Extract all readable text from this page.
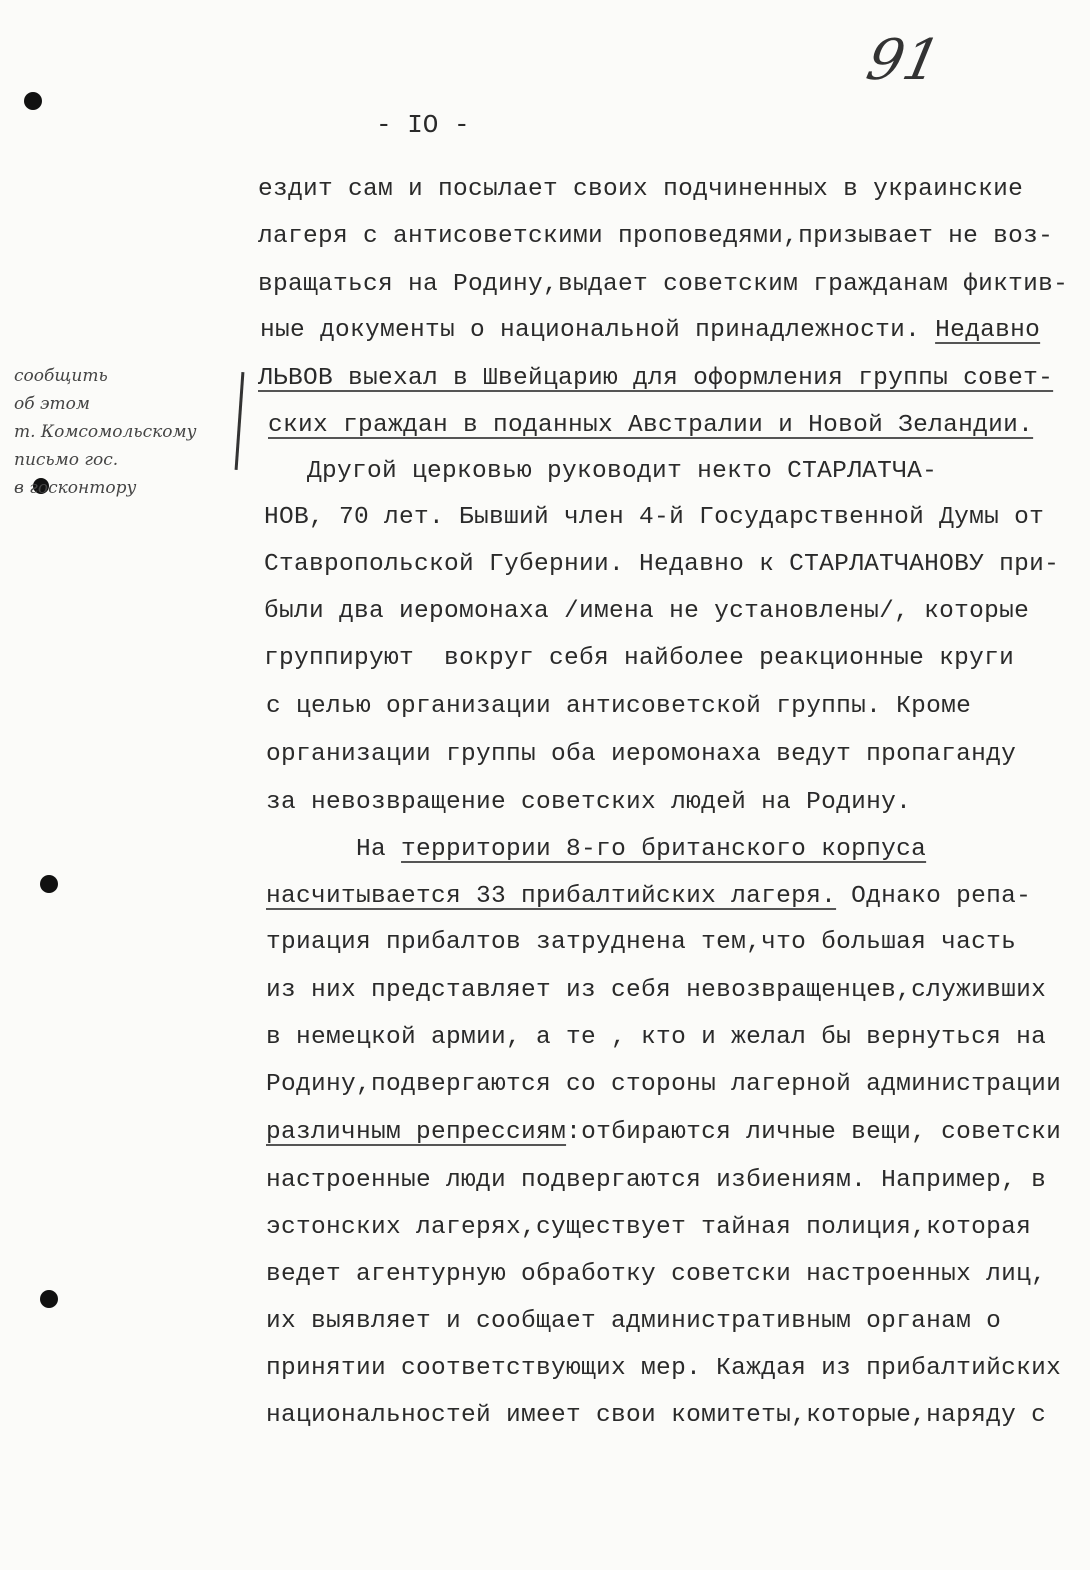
91
- IO -
сообщить
об этом
т. Комсомольскому
письмо гос.
в госконтору
ездит сам и посылает своих подчиненных в украинские
лагеря с антисоветскими проповедями,призывает не воз-
вращаться на Родину,выдает советским гражданам фиктив-
ные документы о национальной принадлежности. Недавно
ЛЬВОВ выехал в Швейцарию для оформления группы совет-
ских граждан в поданных Австралии и Новой Зеландии.
Другой церковью руководит некто СТАРЛАТЧА-
НОВ, 70 лет. Бывший член 4-й Государственной Думы от
Ставропольской Губернии. Недавно к СТАРЛАТЧАНОВУ при-
были два иеромонаха /имена не установлены/, которые
группируют  вокруг себя найболее реакционные круги
с целью организации антисоветской группы. Кроме
организации группы оба иеромонаха ведут пропаганду
за невозвращение советских людей на Родину.
На территории 8-го британского корпуса
насчитывается 33 прибалтийских лагеря. Однако репа-
триация прибалтов затруднена тем,что большая часть
из них представляет из себя невозвращенцев,служивших
в немецкой армии, а те , кто и желал бы вернуться на
Родину,подвергаются со стороны лагерной администрации
различным репрессиям:отбираются личные вещи, советски
настроенные люди подвергаются избиениям. Например, в
эстонских лагерях,существует тайная полиция,которая
ведет агентурную обработку советски настроенных лиц,
их выявляет и сообщает административным органам о
принятии соответствующих мер. Каждая из прибалтийских
национальностей имеет свои комитеты,которые,наряду с
